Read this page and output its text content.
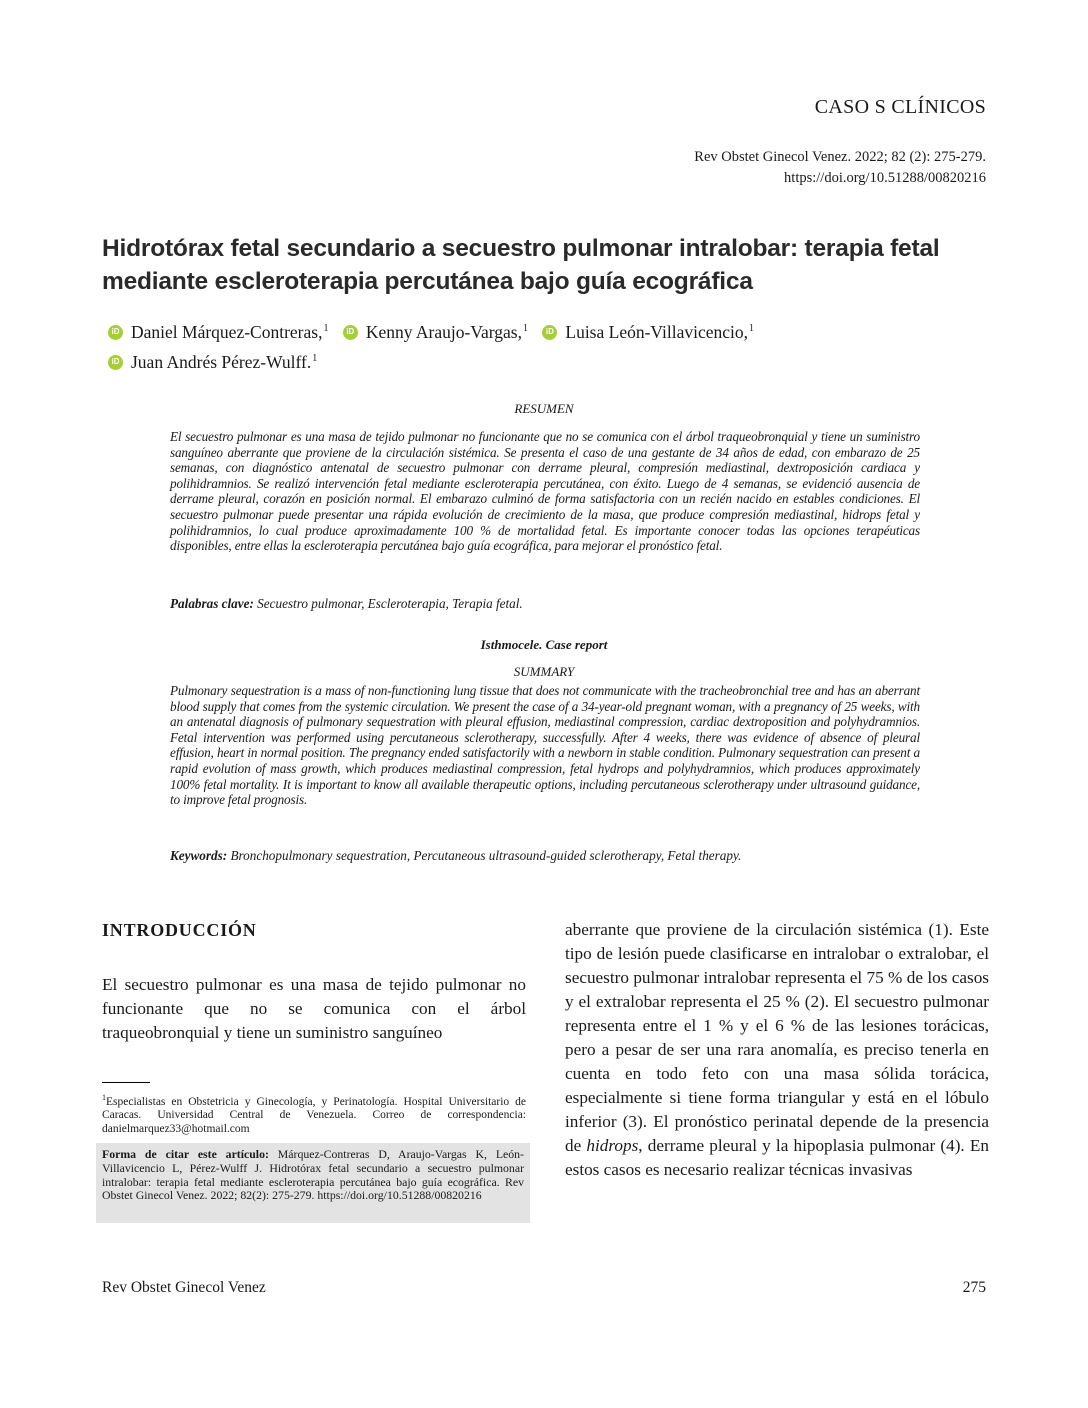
CASO S CLÍNICOS
Rev Obstet Ginecol Venez. 2022; 82 (2): 275-279.
https://doi.org/10.51288/00820216
Hidrotórax fetal secundario a secuestro pulmonar intralobar: terapia fetal mediante escleroterapia percutánea bajo guía ecográfica
iD Daniel Márquez-Contreras,$^1$
	iD Kenny Araujo-Vargas,$^1$
	iD Luisa León-Villavicencio,$^1$

iD Juan Andrés Pérez-Wulff.$^1$
RESUMEN

El secuestro pulmonar es una masa de tejido pulmonar no funcionante que no se comunica con el árbol traqueobronquial y tiene un suministro sanguíneo aberrante que proviene de la circulación sistémica. Se presenta el caso de una gestante de 34 años de edad, con embarazo de 25 semanas, con diagnóstico antenatal de secuestro pulmonar con derrame pleural, compresión mediastinal, dextroposición cardiaca y polihidramnios. Se realizó intervención fetal mediante escleroterapia percutánea, con éxito. Luego de 4 semanas, se evidenció ausencia de derrame pleural, corazón en posición normal. El embarazo culminó de forma satisfactoria con un recién nacido en estables condiciones. El secuestro pulmonar puede presentar una rápida evolución de crecimiento de la masa, que produce compresión mediastinal, hidrops fetal y polihidramnios, lo cual produce aproximadamente 100 % de mortalidad fetal. Es importante conocer todas las opciones terapéuticas disponibles, entre ellas la escleroterapia percutánea bajo guía ecográfica, para mejorar el pronóstico fetal.

Palabras clave: Secuestro pulmonar, Escleroterapia, Terapia fetal.
Isthmocele. Case report
SUMMARY

Pulmonary sequestration is a mass of non-functioning lung tissue that does not communicate with the tracheobronchial tree and has an aberrant blood supply that comes from the systemic circulation. We present the case of a 34-year-old pregnant woman, with a pregnancy of 25 weeks, with an antenatal diagnosis of pulmonary sequestration with pleural effusion, mediastinal compression, cardiac dextroposition and polyhydramnios. Fetal intervention was performed using percutaneous sclerotherapy, successfully. After 4 weeks, there was evidence of absence of pleural effusion, heart in normal position. The pregnancy ended satisfactorily with a newborn in stable condition. Pulmonary sequestration can present a rapid evolution of mass growth, which produces mediastinal compression, fetal hydrops and polyhydramnios, which produces approximately 100% fetal mortality. It is important to know all available therapeutic options, including percutaneous sclerotherapy under ultrasound guidance, to improve fetal prognosis.

Keywords: Bronchopulmonary sequestration, Percutaneous ultrasound-guided sclerotherapy, Fetal therapy.
INTRODUCCIÓN

El secuestro pulmonar es una masa de tejido pulmonar no funcionante que no se comunica con el árbol traqueobronquial y tiene un suministro sanguíneo

aberrante que proviene de la circulación sistémica (1). Este tipo de lesión puede clasificarse en intralobar o extralobar, el secuestro pulmonar intralobar representa el 75 % de los casos y el extralobar representa el 25 % (2). El secuestro pulmonar representa entre el 1 % y el 6 % de las lesiones torácicas, pero a pesar de ser una rara anomalía, es preciso tenerla en cuenta en todo feto con una masa sólida torácica, especialmente si tiene forma triangular y está en el lóbulo inferior (3). El pronóstico perinatal depende de la presencia de hidrops, derrame pleural y la hipoplasia pulmonar (4). En estos casos es necesario realizar técnicas invasivas

$^1$Especialistas en Obstetricia y Ginecología, y Perinatología. Hospital Universitario de Caracas. Universidad Central de Venezuela. Correo de correspondencia: danielmarquez33@hotmail.com

Forma de citar este artículo: Márquez-Contreras D, Araujo-Vargas K, León-Villavicencio L, Pérez-Wulff J. Hidrotórax fetal secundario a secuestro pulmonar intralobar: terapia fetal mediante escleroterapia percutánea bajo guía ecográfica. Rev Obstet Ginecol Venez. 2022; 82(2): 275-279. https://doi.org/10.51288/00820216
Rev Obstet Ginecol Venez	275
